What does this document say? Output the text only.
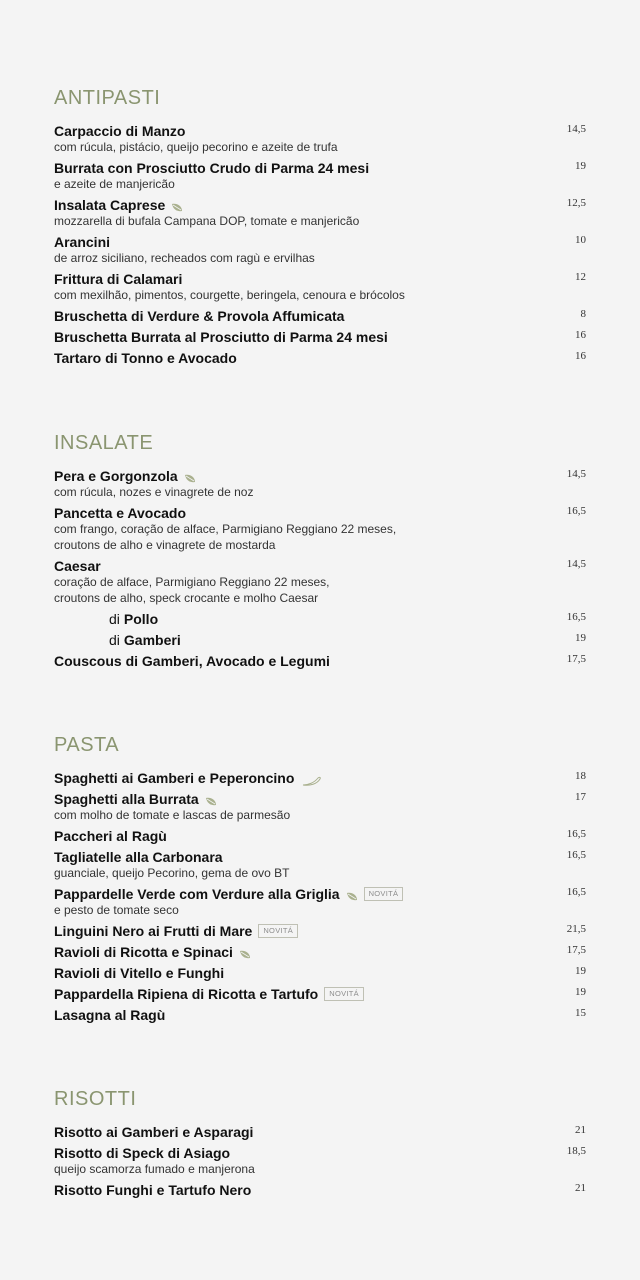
ANTIPASTI
Carpaccio di Manzo	14,5
com rúcula, pistácio, queijo pecorino e azeite de trufa
Burrata con Prosciutto Crudo di Parma 24 mesi	19
e azeite de manjericão
Insalata Caprese	12,5
mozzarella di bufala Campana DOP, tomate e manjericão
Arancini	10
de arroz siciliano, recheados com ragù e ervilhas
Frittura di Calamari	12
com mexilhão, pimentos, courgette, beringela, cenoura e brócolos
Bruschetta di Verdure & Provola Affumicata	8
Bruschetta Burrata al Prosciutto di Parma 24 mesi	16
Tartaro di Tonno e Avocado	16
INSALATE
Pera e Gorgonzola	14,5
com rúcula, nozes e vinagrete de noz
Pancetta e Avocado	16,5
com frango, coração de alface, Parmigiano Reggiano 22 meses,
croutons de alho e vinagrete de mostarda
Caesar	14,5
coração de alface, Parmigiano Reggiano 22 meses,
croutons de alho, speck crocante e molho Caesar
di Pollo	16,5
di Gamberi	19
Couscous di Gamberi, Avocado e Legumi	17,5
PASTA
Spaghetti ai Gamberi e Peperoncino	18
Spaghetti alla Burrata	17
com molho de tomate e lascas de parmesão
Paccheri al Ragù	16,5
Tagliatelle alla Carbonara	16,5
guanciale, queijo Pecorino, gema de ovo BT
Pappardelle Verde com Verdure alla Griglia	NOVITÁ	16,5
e pesto de tomate seco
Linguini Nero ai Frutti di Mare	NOVITÁ	21,5
Ravioli di Ricotta e Spinaci	17,5
Ravioli di Vitello e Funghi	19
Pappardella Ripiena di Ricotta e Tartufo	NOVITÁ	19
Lasagna al Ragù	15
RISOTTI
Risotto ai Gamberi e Asparagi	21
Risotto di Speck di Asiago	18,5
queijo scamorza fumado e manjerona
Risotto Funghi e Tartufo Nero	21
